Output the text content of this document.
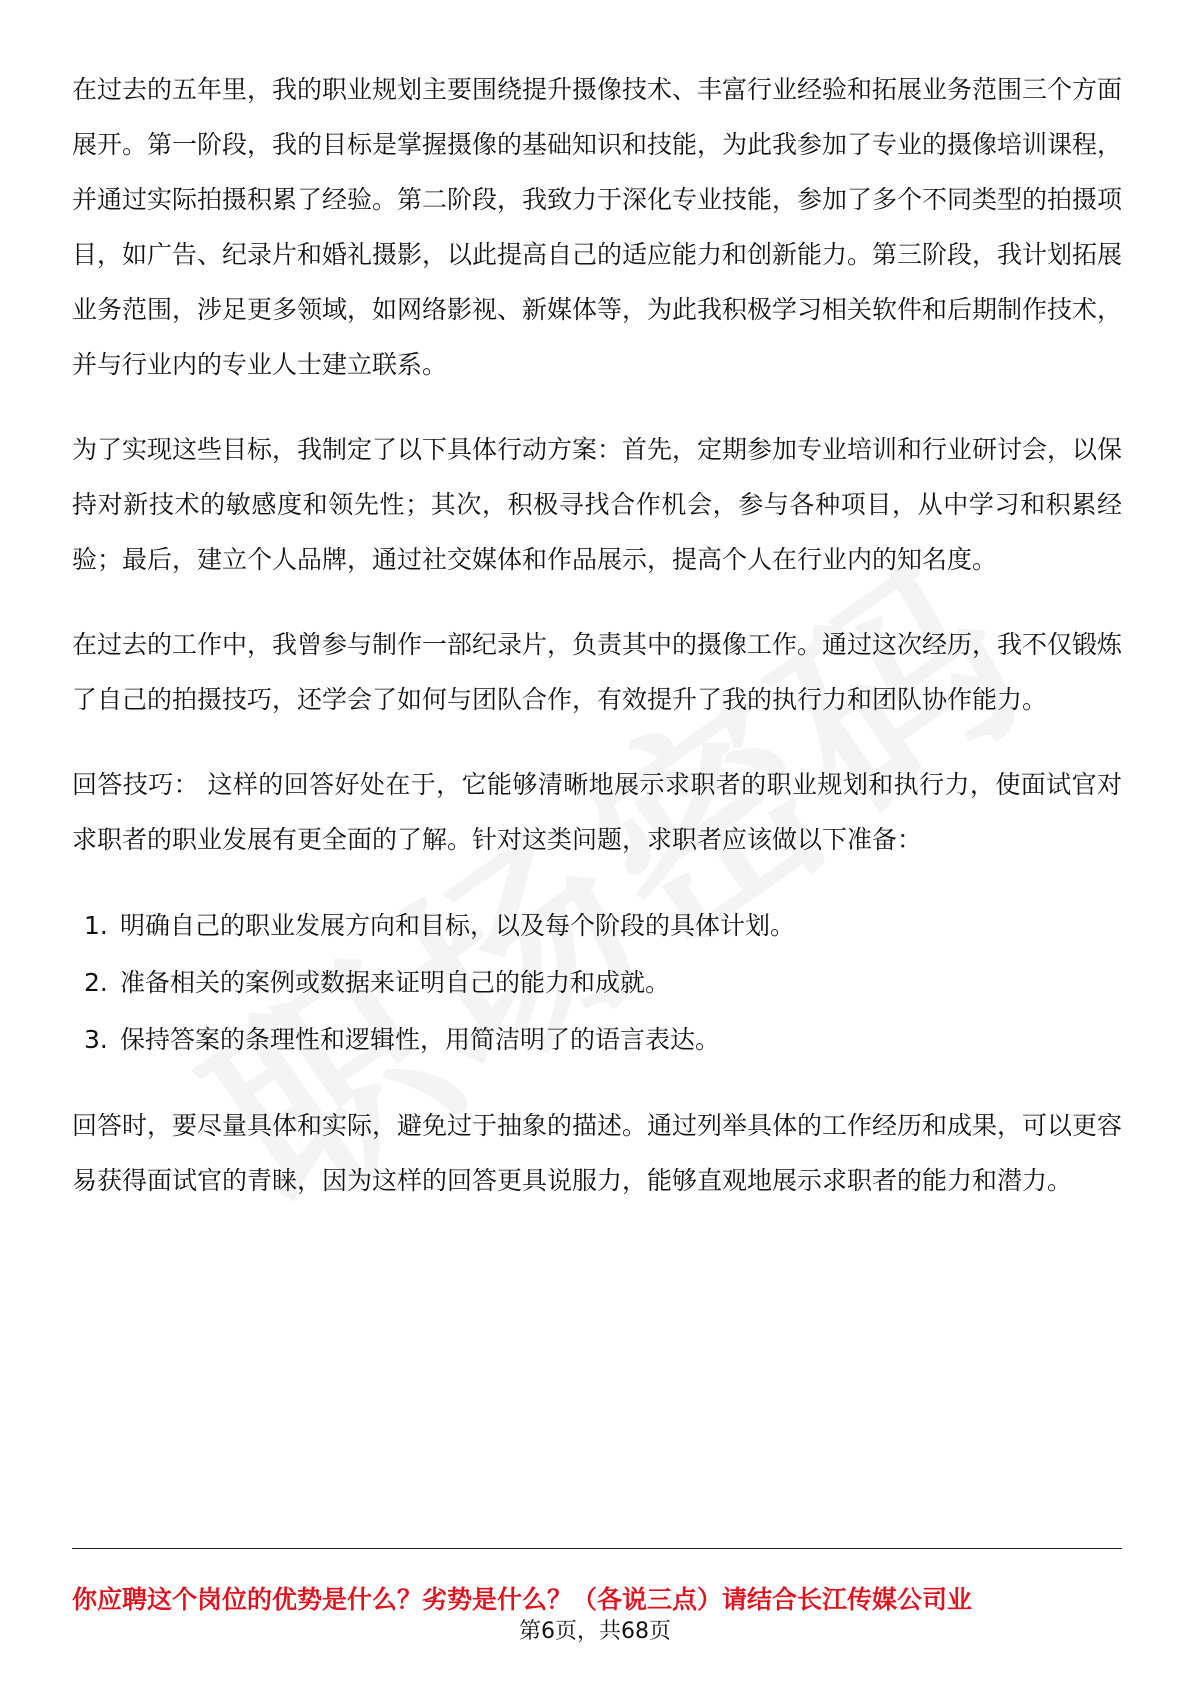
在过去的五年里，我的职业规划主要围绕提升摄像技术、丰富行业经验和拓展业务范围三个方面展开。第一阶段，我的目标是掌握摄像的基础知识和技能，为此我参加了专业的摄像培训课程，并通过实际拍摄积累了经验。第二阶段，我致力于深化专业技能，参加了多个不同类型的拍摄项目，如广告、纪录片和婚礼摄影，以此提高自己的适应能力和创新能力。第三阶段，我计划拓展业务范围，涉足更多领域，如网络影视、新媒体等，为此我积极学习相关软件和后期制作技术，并与行业内的专业人士建立联系。

为了实现这些目标，我制定了以下具体行动方案：首先，定期参加专业培训和行业研讨会，以保持对新技术的敏感度和领先性；其次，积极寻找合作机会，参与各种项目，从中学习和积累经验；最后，建立个人品牌，通过社交媒体和作品展示，提高个人在行业内的知名度。

在过去的工作中，我曾参与制作一部纪录片，负责其中的摄像工作。通过这次经历，我不仅锻炼了自己的拍摄技巧，还学会了如何与团队合作，有效提升了我的执行力和团队协作能力。

回答技巧： 这样的回答好处在于，它能够清晰地展示求职者的职业规划和执行力，使面试官对求职者的职业发展有更全面的了解。针对这类问题，求职者应该做以下准备：

1. 明确自己的职业发展方向和目标，以及每个阶段的具体计划。
2. 准备相关的案例或数据来证明自己的能力和成就。
3. 保持答案的条理性和逻辑性，用简洁明了的语言表达。

回答时，要尽量具体和实际，避免过于抽象的描述。通过列举具体的工作经历和成果，可以更容易获得面试官的青睐，因为这样的回答更具说服力，能够直观地展示求职者的能力和潜力。

你应聘这个岗位的优势是什么？劣势是什么？（各说三点）请结合长江传媒公司业
第6页，共68页
